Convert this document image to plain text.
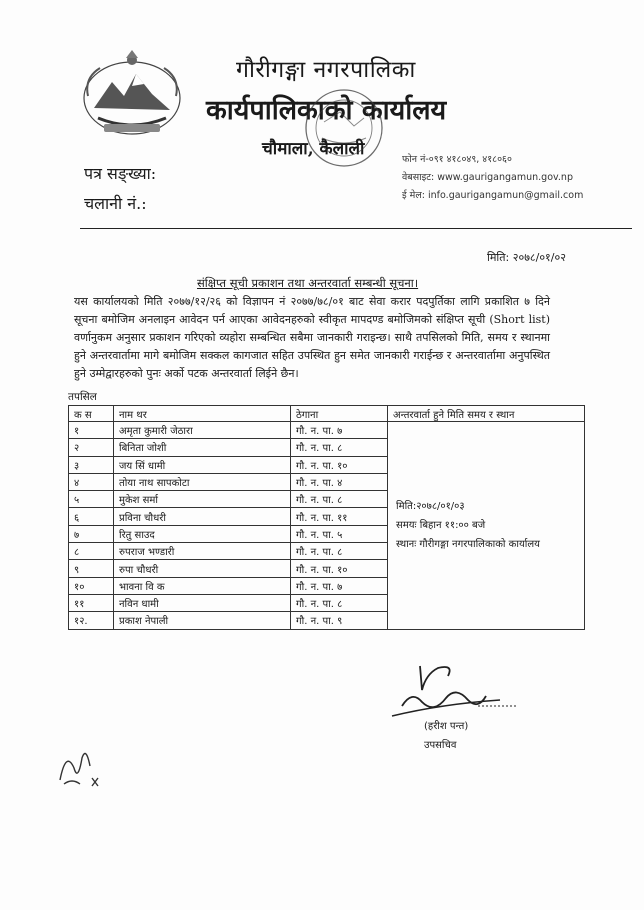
गौरीगङ्गा नगरपालिका
कार्यपालिकाको कार्यालय
चौमाला, कैलाली
फोन नं-०९१ ४१८०४९, ४१८०६०
वेबसाइट: www.gaurigangamun.gov.np
ई मेल: info.gaurigangamun@gmail.com
पत्र सङ्ख्या:
चलानी नं.:
मिति: २०७८/०१/०२
संक्षिप्त सूची प्रकाशन तथा अन्तरवार्ता सम्बन्धी सूचना।
यस कार्यालयको मिति २०७७/१२/२६ को विज्ञापन नं २०७७/७८/०१ बाट सेवा करार पदपुर्तिका लागि प्रकाशित ७ दिने सूचना बमोजिम अनलाइन आवेदन पर्न आएका आवेदनहरुको स्वीकृत मापदण्ड बमोजिमको संक्षिप्त सूची (Short list) वर्णानुकम अनुसार प्रकाशन गरिएको व्यहोरा सम्बन्धित सबैमा जानकारी गराइन्छ। साथै तपसिलको मिति, समय र स्थानमा हुने अन्तरवार्तामा मागे बमोजिम सक्कल कागजात सहित उपस्थित हुन समेत जानकारी गराईन्छ र अन्तरवार्तामा अनुपस्थित हुने उम्मेद्वारहरुको पुनः अर्को पटक अन्तरवार्ता लिईने छैन।
तपसिल
क स	नाम थर	ठेगाना	अन्तरवार्ता हुने मिति समय र स्थान
१	अमृता कुमारी जेठारा	गौ. न. पा. ७	मिति:२०७८/०१/०३
समयः बिहान ११:०० बजे
स्थानः गौरीगङ्गा नगरपालिकाको कार्यालय

२	बिनिता जोशी	गौ. न. पा. ८	
३	जय सिं धामी	गौ. न. पा. १०	
४	तोया नाथ सापकोटा	गौ. न. पा. ४	
५	मुकेश सर्मा	गौ. न. पा. ८	
६	प्रविना चौधरी	गौ. न. पा. ११	
७	रितु साउद	गौ. न. पा. ५	
८	रुपराज भण्डारी	गौ. न. पा. ८	
९	रुपा चौधरी	गौ. न. पा. १०	
१०	भावना वि क	गौ. न. पा. ७	
११	नविन धामी	गौ. न. पा. ८	
१२.	प्रकाश नेपाली	गौ. न. पा. ९	
(हरीश पन्त)
उपसचिव
